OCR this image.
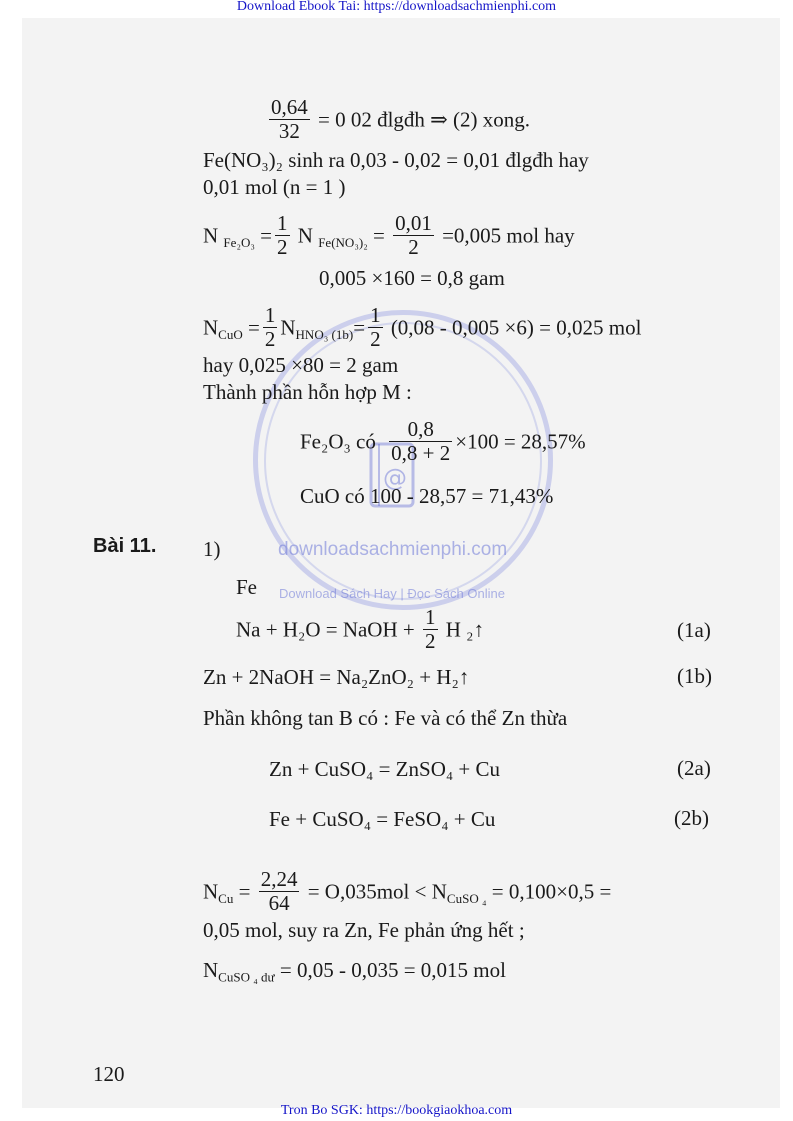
Download Ebook Tai: https://downloadsachmienphi.com
@
downloadsachmienphi.com
Download Sách Hay | Đọc Sách Online
$\frac{0,64}{32} = 0$ 02 đlgđh ⇒ (2) xong.
Fe(NO₃)₂ sinh ra 0,03 - 0,02 = 0,01 đlgđh hay
0,01 mol (n = 1 )
N $_{Fe_2O_3} = \frac{1}{2}$ N $_{Fe(NO_3)_2} = \frac{0,01}{2} =0,005$ mol hay
0,005 ×160 = 0,8 gam
$N_{CuO} = \frac{1}{2} N_{HNO_3 (1b)}= \frac{1}{2} (0,08 - 0,005 \times 6) = 0,025$ mol
hay 0,025 ×80 = 2 gam
Thành phần hỗn hợp M :
Fe₂O₃ có $\frac{0,8}{0,8 + 2} \times 100 = 28,57\%$
CuO có 100 - 28,57 = 71,43%
Bài 11. 1)
Fe
Na + H₂O = NaOH + $\frac{1}{2}$ H ₂↑	(1a)
Zn + 2NaOH = Na₂ZnO₂ + H₂↑	(1b)
Phần không tan B có : Fe và có thể Zn thừa
Zn + CuSO₄ = ZnSO₄ + Cu	(2a)
Fe + CuSO₄ = FeSO₄ + Cu	(2b)
$N_{Cu} = \frac{2,24}{64} = O,035mol < N_{CuSO _4} = 0,100\times 0,5$ =
0,05 mol, suy ra Zn, Fe phản ứng hết ;
$N_{CuSO _4 dư} = 0,05 - 0,035 = 0,015$ mol
120
Tron Bo SGK: https://bookgiaokhoa.com
